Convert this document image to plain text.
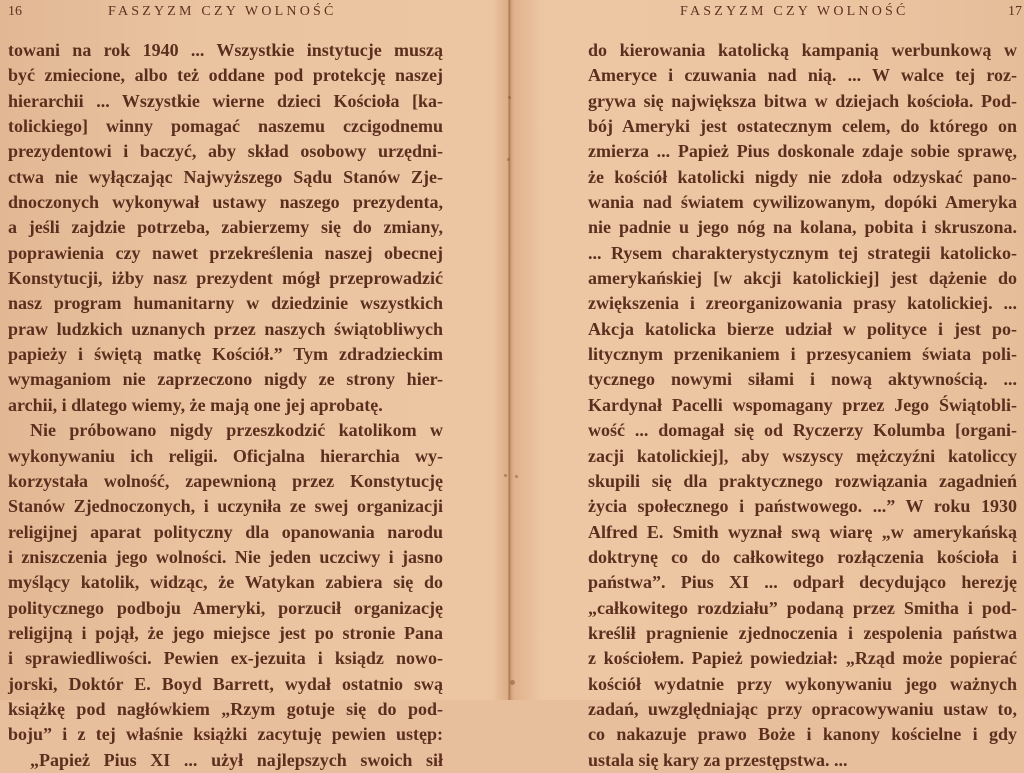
16	FASZYZM CZY WOLNOŚĆ
towani na rok 1940 ... Wszystkie instytucje muszą
być zmiecione, albo też oddane pod protekcję naszej
hierarchii ... Wszystkie wierne dzieci Kościoła [ka-
tolickiego] winny pomagać naszemu czcigodnemu
prezydentowi i baczyć, aby skład osobowy urzędni-
ctwa nie wyłączając Najwyższego Sądu Stanów Zje-
dnoczonych wykonywał ustawy naszego prezydenta,
a jeśli zajdzie potrzeba, zabierzemy się do zmiany,
poprawienia czy nawet przekreślenia naszej obecnej
Konstytucji, iżby nasz prezydent mógł przeprowadzić
nasz program humanitarny w dziedzinie wszystkich
praw ludzkich uznanych przez naszych świątobliwych
papieży i świętą matkę Kościół.” Tym zdradzieckim
wymaganiom nie zaprzeczono nigdy ze strony hier-
archii, i dlatego wiemy, że mają one jej aprobatę.
Nie próbowano nigdy przeszkodzić katolikom w
wykonywaniu ich religii. Oficjalna hierarchia wy-
korzystała wolność, zapewnioną przez Konstytucję
Stanów Zjednoczonych, i uczyniła ze swej organizacji
religijnej aparat polityczny dla opanowania narodu
i zniszczenia jego wolności. Nie jeden uczciwy i jasno
myślący katolik, widząc, że Watykan zabiera się do
politycznego podboju Ameryki, porzucił organizację
religijną i pojął, że jego miejsce jest po stronie Pana
i sprawiedliwości. Pewien ex-jezuita i ksiądz nowo-
jorski, Doktór E. Boyd Barrett, wydał ostatnio swą
książkę pod nagłówkiem „Rzym gotuje się do pod-
boju” i z tej właśnie książki zacytuję pewien ustęp:
„Papież Pius XI ... użył najlepszych swoich sił
FASZYZM CZY WOLNOŚĆ	17
do kierowania katolicką kampanią werbunkową w
Ameryce i czuwania nad nią. ... W walce tej roz-
grywa się największa bitwa w dziejach kościoła. Pod-
bój Ameryki jest ostatecznym celem, do którego on
zmierza ... Papież Pius doskonale zdaje sobie sprawę,
że kościół katolicki nigdy nie zdoła odzyskać pano-
wania nad światem cywilizowanym, dopóki Ameryka
nie padnie u jego nóg na kolana, pobita i skruszona.
... Rysem charakterystycznym tej strategii katolicko-
amerykańskiej [w akcji katolickiej] jest dążenie do
zwiększenia i zreorganizowania prasy katolickiej. ...
Akcja katolicka bierze udział w polityce i jest po-
litycznym przenikaniem i przesycaniem świata poli-
tycznego nowymi siłami i nową aktywnością. ...
Kardynał Pacelli wspomagany przez Jego Świątobli-
wość ... domagał się od Ryczerzy Kolumba [organi-
zacji katolickiej], aby wszyscy mężczyźni katoliccy
skupili się dla praktycznego rozwiązania zagadnień
życia społecznego i państwowego. ...” W roku 1930
Alfred E. Smith wyznał swą wiarę „w amerykańską
doktrynę co do całkowitego rozłączenia kościoła i
państwa”. Pius XI ... odparł decydująco herezję
„całkowitego rozdziału” podaną przez Smitha i pod-
kreślił pragnienie zjednoczenia i zespolenia państwa
z kościołem. Papież powiedział: „Rząd może popierać
kościół wydatnie przy wykonywaniu jego ważnych
zadań, uwzględniając przy opracowywaniu ustaw to,
co nakazuje prawo Boże i kanony kościelne i gdy
ustala się kary za przestępstwa. ...
